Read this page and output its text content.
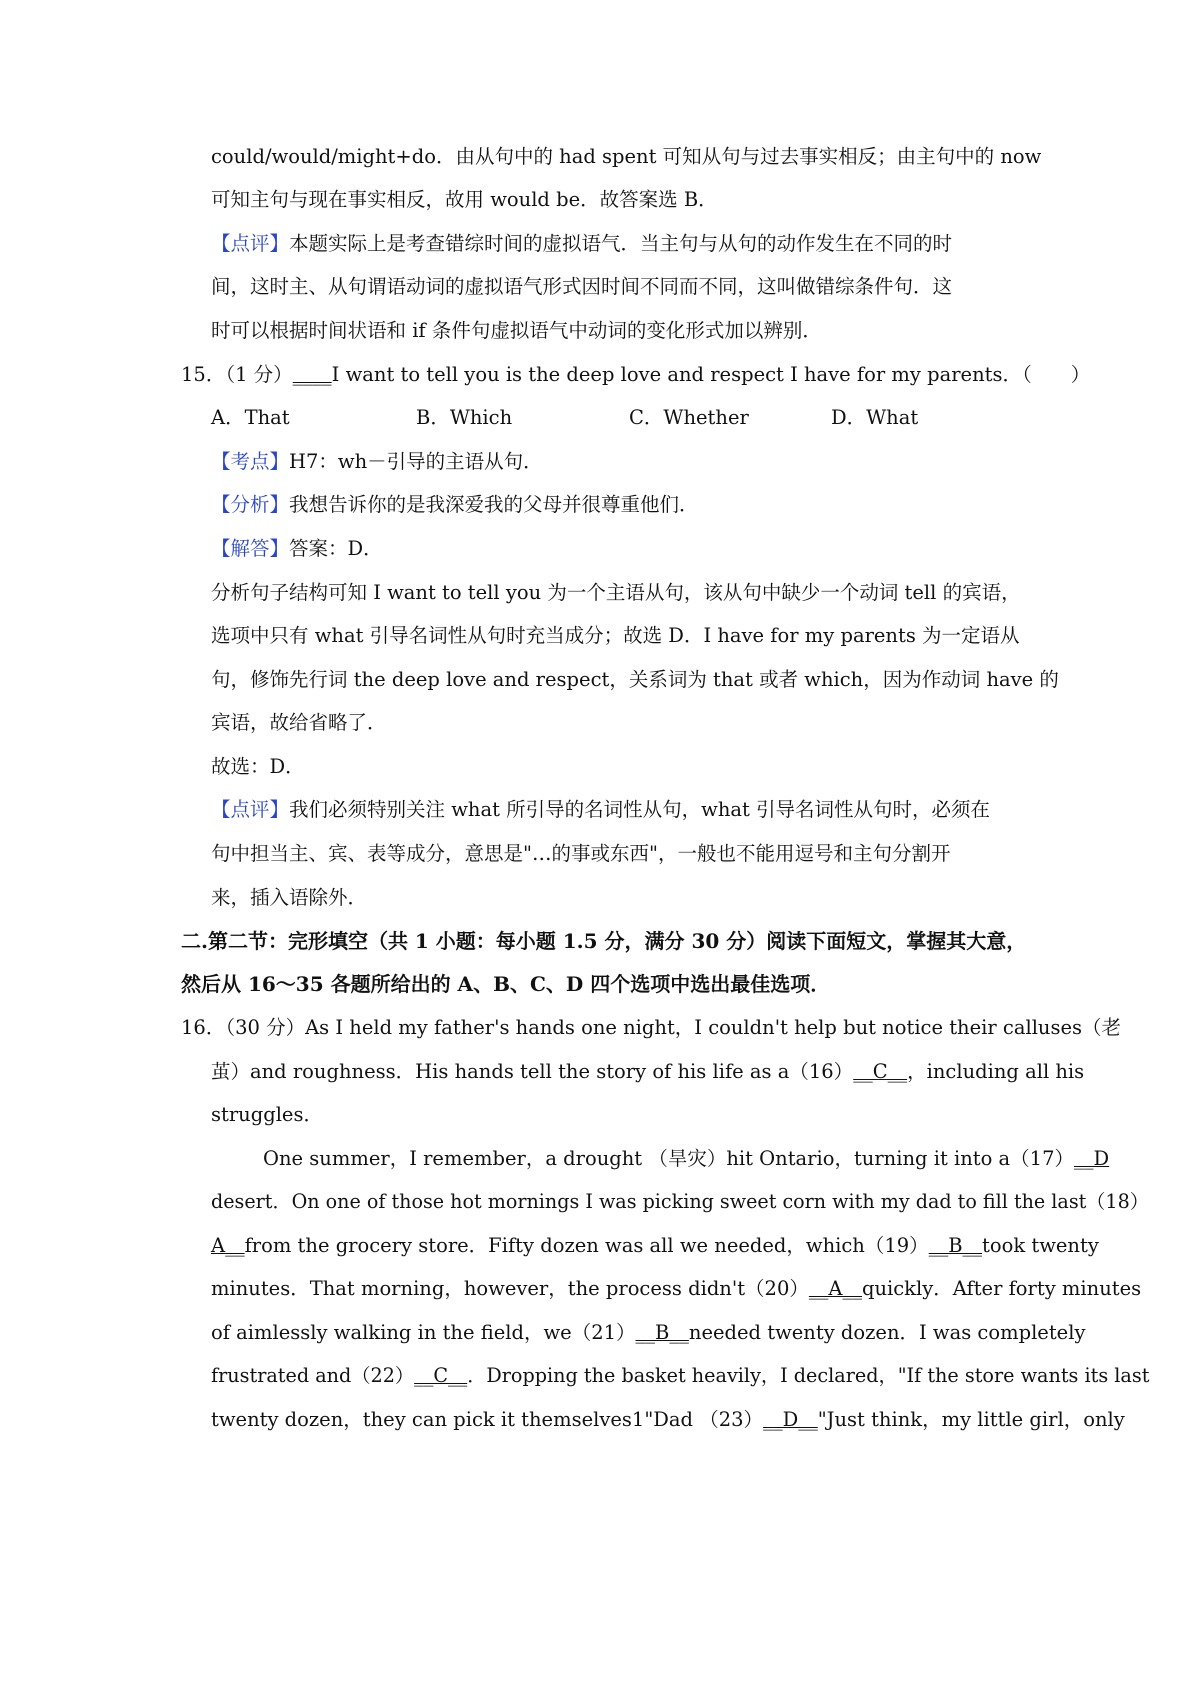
could/would/might+do．由从句中的 had spent 可知从句与过去事实相反；由主句中的 now
可知主句与现在事实相反，故用 would be．故答案选 B．
【点评】本题实际上是考查错综时间的虚拟语气．当主句与从句的动作发生在不同的时
间，这时主、从句谓语动词的虚拟语气形式因时间不同而不同，这叫做错综条件句．这
时可以根据时间状语和 if 条件句虚拟语气中动词的变化形式加以辨别．
15．（1 分）____I want to tell you is the deep love and respect I have for my parents．（　　）
A．That	B．Which	C．Whether	D．What
【考点】H7：wh－引导的主语从句．
【分析】我想告诉你的是我深爱我的父母并很尊重他们．
【解答】答案：D．
分析句子结构可知 I want to tell you 为一个主语从句，该从句中缺少一个动词 tell 的宾语，
选项中只有 what 引导名词性从句时充当成分；故选 D．I have for my parents 为一定语从
句，修饰先行词 the deep love and respect，关系词为 that 或者 which，因为作动词 have 的
宾语，故给省略了．
故选：D．
【点评】我们必须特别关注 what 所引导的名词性从句，what 引导名词性从句时，必须在
句中担当主、宾、表等成分，意思是"…的事或东西"，一般也不能用逗号和主句分割开
来，插入语除外．
二.第二节：完形填空（共 1 小题：每小题 1.5 分，满分 30 分）阅读下面短文，掌握其大意，
然后从 16～35 各题所给出的 A、B、C、D 四个选项中选出最佳选项．
16．（30 分）As I held my father's hands one night，I couldn't help but notice their calluses（老
茧）and roughness．His hands tell the story of his life as a（16）__C__，including all his
struggles．
One summer，I remember，a drought （旱灾）hit Ontario，turning it into a（17）__D
desert．On one of those hot mornings I was picking sweet corn with my dad to fill the last（18）
A__from the grocery store．Fifty dozen was all we needed，which（19）__B__took twenty
minutes．That morning，however，the process didn't（20）__A__quickly．After forty minutes
of aimlessly walking in the field，we（21）__B__needed twenty dozen．I was completely
frustrated and（22）__C__．Dropping the basket heavily，I declared，"If the store wants its last
twenty dozen，they can pick it themselves1"Dad （23）__D__"Just think，my little girl，only
